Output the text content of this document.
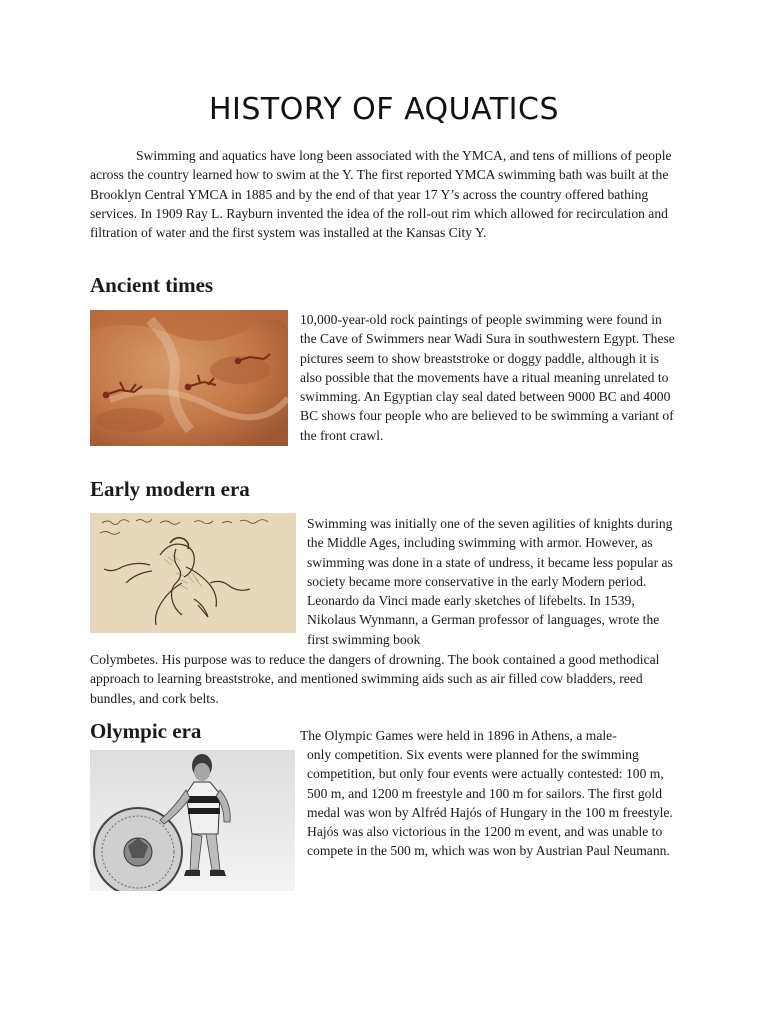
HISTORY OF AQUATICS

Swimming and aquatics have long been associated with the YMCA, and tens of millions of people across the country learned how to swim at the Y. The first reported YMCA swimming bath was built at the Brooklyn Central YMCA in 1885 and by the end of that year 17 Y’s across the country offered bathing services. In 1909 Ray L. Rayburn invented the idea of the roll-out rim which allowed for recirculation and filtration of water and the first system was installed at the Kansas City Y.

Ancient times

10,000-year-old rock paintings of people swimming were found in the Cave of Swimmers near Wadi Sura in southwestern Egypt. These pictures seem to show breaststroke or doggy paddle, although it is also possible that the movements have a ritual meaning unrelated to swimming. An Egyptian clay seal dated between 9000 BC and 4000 BC shows four people who are believed to be swimming a variant of the front crawl.

Early modern era

Swimming was initially one of the seven agilities of knights during the Middle Ages, including swimming with armor. However, as swimming was done in a state of undress, it became less popular as society became more conservative in the early Modern period. Leonardo da Vinci made early sketches of lifebelts. In 1539, Nikolaus Wynmann, a German professor of languages, wrote the first swimming book

Colymbetes. His purpose was to reduce the dangers of drowning. The book contained a good methodical approach to learning breaststroke, and mentioned swimming aids such as air filled cow bladders, reed bundles, and cork belts.

Olympic era	The Olympic Games were held in 1896 in Athens, a male-

only competition. Six events were planned for the swimming competition, but only four events were actually contested: 100 m, 500 m, and 1200 m freestyle and 100 m for sailors. The first gold medal was won by Alfréd Hajós of Hungary in the 100 m freestyle. Hajós was also victorious in the 1200 m event, and was unable to compete in the 500 m, which was won by Austrian Paul Neumann.
